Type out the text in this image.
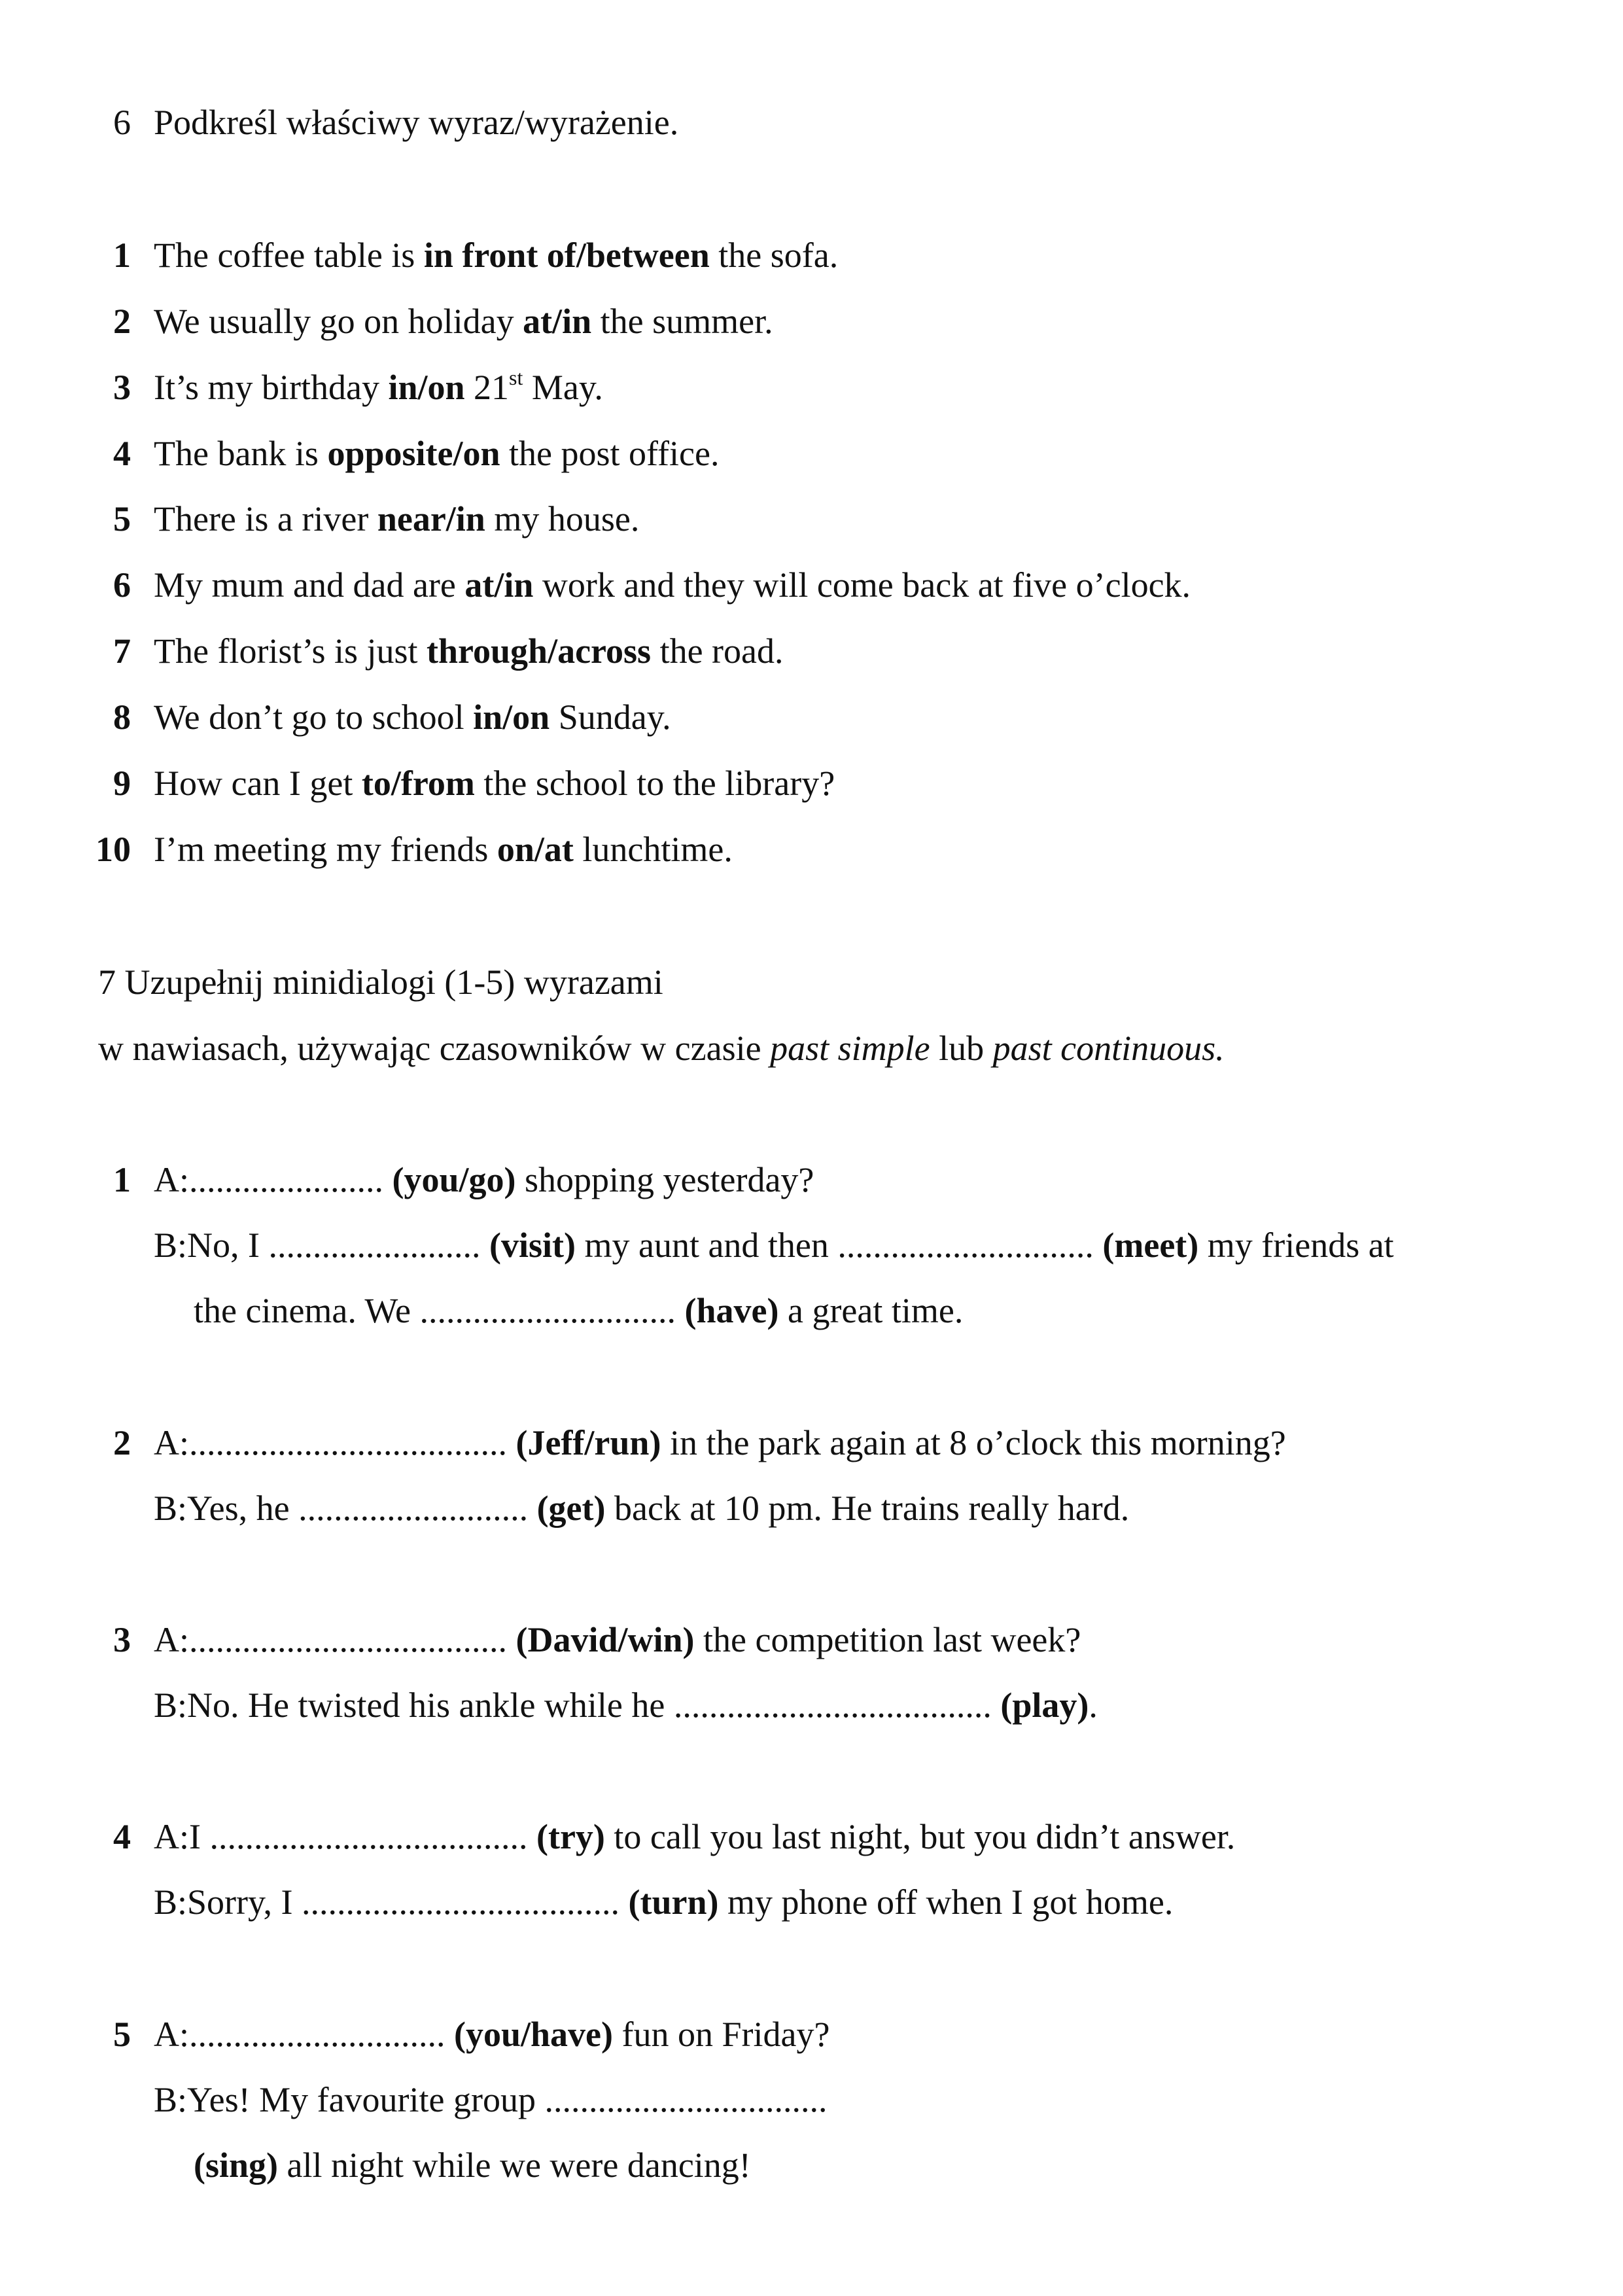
6 Podkreśl właściwy wyraz/wyrażenie.
1 The coffee table is in front of/between the sofa.
2 We usually go on holiday at/in the summer.
3 It’s my birthday in/on 21st May.
4 The bank is opposite/on the post office.
5 There is a river near/in my house.
6 My mum and dad are at/in work and they will come back at five o’clock.
7 The florist’s is just through/across the road.
8 We don’t go to school in/on Sunday.
9 How can I get to/from the school to the library?
10 I’m meeting my friends on/at lunchtime.
7 Uzupełnij minidialogi (1-5) wyrazami
w nawiasach, używając czasowników w czasie past simple lub past continuous.
1 A:...................... (you/go) shopping yesterday?
B:No, I ........................ (visit) my aunt and then ............................. (meet) my friends at
the cinema. We ............................. (have) a great time.
2 A:.................................... (Jeff/run) in the park again at 8 o’clock this morning?
B:Yes, he .......................... (get) back at 10 pm. He trains really hard.
3 A:.................................... (David/win) the competition last week?
B:No. He twisted his ankle while he .................................... (play).
4 A:I .................................... (try) to call you last night, but you didn’t answer.
B:Sorry, I .................................... (turn) my phone off when I got home.
5 A:............................. (you/have) fun on Friday?
B:Yes! My favourite group ................................
(sing) all night while we were dancing!
